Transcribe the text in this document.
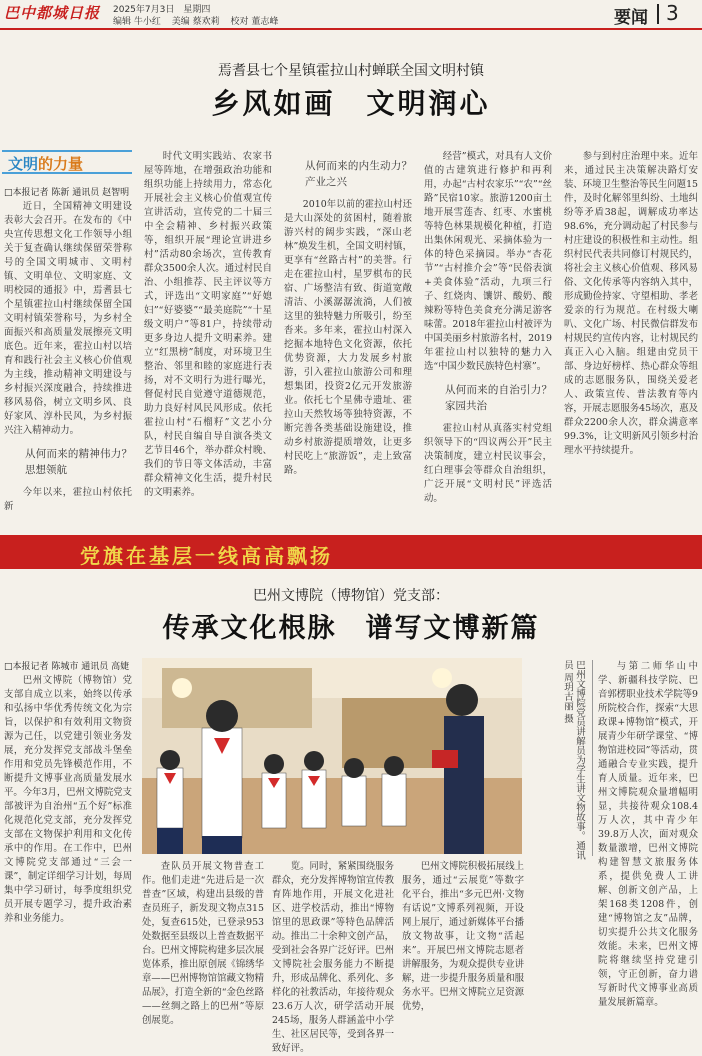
巴中都城日报 2025年7月3日　星期四
编辑 牛小红 美编 蔡欢莉 校对 董志峰	要闻 3
焉耆县七个星镇霍拉山村蝉联全国文明村镇
乡风如画　文明润心
文明的力量
□本报记者 陈新 通讯员 赵智明

近日，全国精神文明建设表彰大会召开。在发布的《中央宣传思想文化工作领导小组关于复查确认继续保留荣誉称号的全国文明城市、文明村镇、文明单位、文明家庭、文明校园的通报》中，焉耆县七个星镇霍拉山村继续保留全国文明村镇荣誉称号，为乡村全面振兴和高质量发展擦亮文明底色。近年来，霍拉山村以培育和践行社会主义核心价值观为主线，推动精神文明建设与乡村振兴深度融合，持续推进移风易俗，树立文明乡风、良好家风、淳朴民风，为乡村振兴注入精神动力。

从何而来的精神伟力？思想领航

今年以来，霍拉山村依托新

时代文明实践站、农家书屋等阵地，在增强政治功能和组织功能上持续用力，常态化开展社会主义核心价值观宣传宣讲活动，宣传党的二十届三中全会精神、乡村振兴政策等，组织开展“理论宣讲进乡村”活动80余场次，宣传教育群众3500余人次。通过村民自治、小组推荐、民主评议等方式，评选出“文明家庭”“好媳妇”“好婆婆”“最美庭院”“十星级文明户”等81户，持续带动更多身边人提升文明素养。建立“红黑榜”制度，对环境卫生整治、邻里和睦的家庭进行表扬，对不文明行为进行曝光，督促村民自觉遵守道德规范，助力良好村风民风形成。依托霍拉山村“石榴籽”文艺小分队，村民自编自导自演各类文艺节目46个，举办群众村晚、我们的节日等文体活动，丰富群众精神文化生活，提升村民的文明素养。

从何而来的内生动力？产业之兴

2010年以前的霍拉山村还是大山深处的贫困村，随着旅游兴村的阔步实践，“深山老林”焕发生机，全国文明村镇，更享有“丝路古村”的美誉。行走在霍拉山村，星罗棋布的民宿、广场整洁有致、街道宽敞清洁、小溪潺潺流淌，人们被这里的独特魅力所吸引，纷至沓来。多年来，霍拉山村深入挖掘本地特色文化资源，依托优势资源，大力发展乡村旅游，引入霍拉山旅游公司和理想集团，投资2亿元开发旅游业。依托七个星佛寺遗址、霍拉山天然牧场等独特资源，不断完善各类基础设施建设，推动乡村旅游提质增效，让更多村民吃上“旅游饭”，走上致富路。

经营”模式，对具有人文价值的古建筑进行修护和再利用，办起“古村农家乐”“农”“丝路”民宿10家。旅游1200亩土地开展雪莲杏、红枣、水蜜桃等特色林果规模化种植，打造出集休闲观光、采摘体验为一体的特色采摘园。举办“杏花节”“古村推介会”等“民俗表演+美食体验”活动，九项三行子、红烧肉、馕饼、酸奶、酸辣粉等特色美食充分满足游客味蕾。2018年霍拉山村被评为中国美丽乡村旅游名村，2019年霍拉山村以独特的魅力入选“中国少数民族特色村寨”。

从何而来的自治引力？家园共治

霍拉山村从真落实村党组织领导下的“四议两公开”民主决策制度，建立村民议事会，红白理事会等群众自治组织，广泛开展“文明村民”评选活动。

参与到村庄治理中来。近年来，通过民主决策解决路灯安装、环境卫生整治等民生问题15件，及时化解邻里纠纷、土地纠纷等矛盾38起，调解成功率达98.6%，充分调动起了村民参与村庄建设的积极性和主动性。组织村民代表共同修订村规民约，将社会主义核心价值观、移风易俗、文化传承等内容纳入其中，形成勤俭持家、守望相助、孝老爱亲的行为规范。在村级大喇叭、文化广场、村民微信群发布村规民约宣传内容，让村规民约真正入心入脑。组建由党员干部、身边好榜样、热心群众等组成的志愿服务队，围绕关爱老人、政策宣传、普法教育等内容，开展志愿服务45场次，惠及群众2200余人次，群众满意率99.3%，让文明新风引领乡村治理水平持续提升。

党旗在基层一线高高飘扬
巴州文博院（博物馆）党支部：
传承文化根脉　谱写文博新篇
□本报记者 陈城市 通讯员 高婕

巴州文博院（博物馆）党支部自成立以来，始终以传承和弘扬中华优秀传统文化为宗旨，以保护和有效利用文物资源为己任，以党建引领业务发展，充分发挥党支部战斗堡垒作用和党员先锋模范作用，不断提升文博事业高质量发展水平。今年3月，巴州文博院党支部被评为自治州“五个好”标准化规范化党支部，充分发挥党支部在文物保护利用和文化传承中的作用。在工作中，巴州文博院党支部通过“三会一课”，制定详细学习计划，每周集中学习研讨，每季度组织党员开展专题学习，提升政治素养和业务能力。

巴州文博院党员讲解员为学生讲文物故事。通讯员 周玥古丽 摄

查队员开展文物普查工作。他们走进“先进后是一次普查”区域，构建出县级的普查员班子，新发现文物点315处，复查615处，已登录953处数据至县级以上普查数据平台。巴州文博院构建多层次展览体系，推出原创展《锦绣华章——巴州博物馆馆藏文物精品展》，打造全新的“金色丝路——丝绸之路上的巴州”等原创展览。

览。同时，紧紧围绕服务群众，充分发挥博物馆宣传教育阵地作用，开展文化进社区、进学校活动，推出“博物馆里的思政课”等特色品牌活动。推出二十余种文创产品，受到社会各界广泛好评。巴州文博院社会服务能力不断提升，形成品牌化、系列化、多样化的社教活动，年接待观众23.6万人次，研学活动开展245场，服务人群涵盖中小学生、社区居民等，受到各界一致好评。

巴州文博院积极拓展线上服务，通过“云展览”等数字化平台，推出“多元巴州·文物有话说”文博系列视频，开设网上展厅，通过新媒体平台播放文物故事，让文物“活起来”。开展巴州文博院志愿者讲解服务，为观众提供专业讲解，进一步提升服务质量和服务水平。巴州文博院立足资源优势，

与第二师华山中学、新疆科技学院、巴音郭楞职业技术学院等9所院校合作，探索“大思政课+博物馆”模式，开展青少年研学课堂、“博物馆进校园”等活动，贯通融合专业实践，提升育人质量。近年来，巴州文博院观众量增幅明显，共接待观众108.4万人次，其中青少年39.8万人次，面对观众数量激增，巴州文博院构建智慧文旅服务体系，提供免费人工讲解、创新文创产品，上架168类1208件，创建“博物馆之友”品牌，切实提升公共文化服务效能。未来，巴州文博院将继续坚持党建引领，守正创新，奋力谱写新时代文博事业高质量发展新篇章。
